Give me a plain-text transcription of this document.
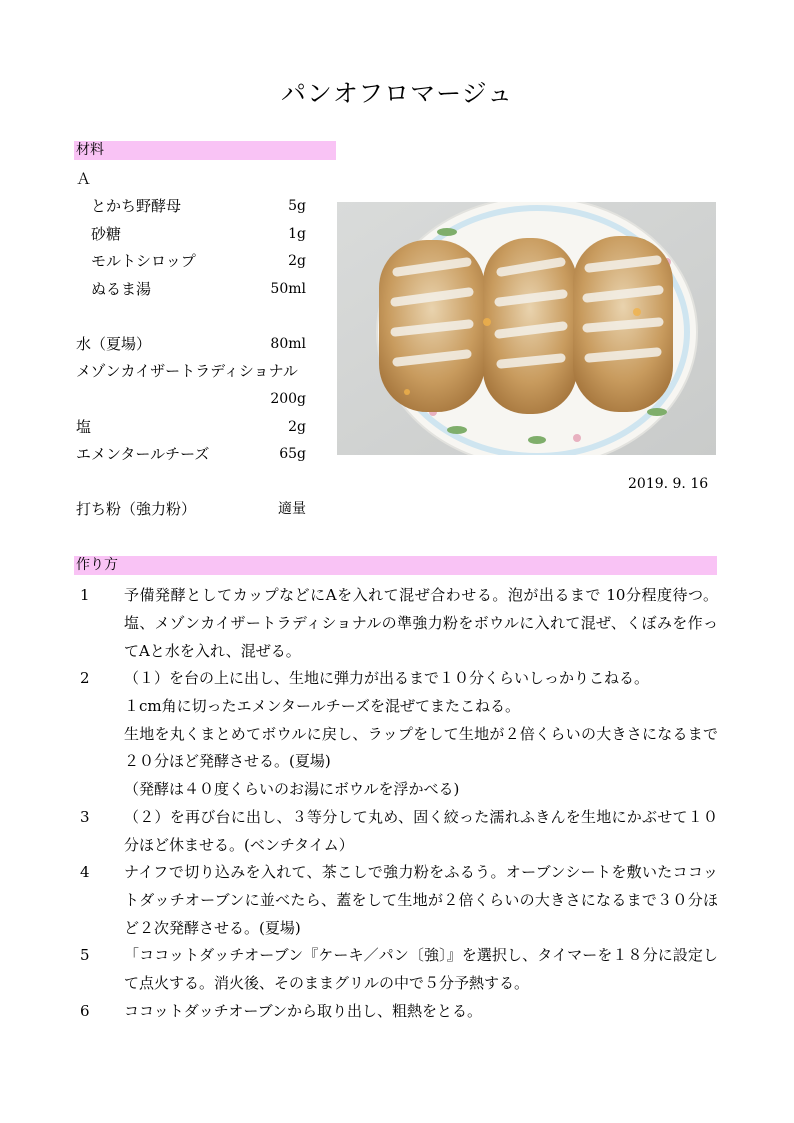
パンオフロマージュ
材料
Ａ
　とかち野酵母	5g
　砂糖	1g
　モルトシロップ	2g
　ぬるま湯	50ml
水（夏場）	80ml
メゾンカイザートラディショナル
200g
塩	2g
エメンタールチーズ	65g
打ち粉（強力粉）	適量
2019. 9. 16
作り方
1	予備発酵としてカップなどにAを入れて混ぜ合わせる。泡が出るまで 10分程度待つ。塩、メゾンカイザートラディショナルの準強力粉をボウルに入れて混ぜ、くぼみを作ってAと水を入れ、混ぜる。
2	（１）を台の上に出し、生地に弾力が出るまで１０分くらいしっかりこねる。
１cm角に切ったエメンタールチーズを混ぜてまたこねる。
生地を丸くまとめてボウルに戻し、ラップをして生地が２倍くらいの大きさになるまで２０分ほど発酵させる。(夏場)
（発酵は４０度くらいのお湯にボウルを浮かべる)
3	（２）を再び台に出し、３等分して丸め、固く絞った濡れふきんを生地にかぶせて１０分ほど休ませる。(ベンチタイム）
4	ナイフで切り込みを入れて、茶こしで強力粉をふるう。オーブンシートを敷いたココットダッチオーブンに並べたら、蓋をして生地が２倍くらいの大きさになるまで３０分ほど２次発酵させる。(夏場)
5	「ココットダッチオーブン『ケーキ／パン〔強〕』を選択し、タイマーを１８分に設定して点火する。消火後、そのままグリルの中で５分予熱する。
6	ココットダッチオーブンから取り出し、粗熱をとる。
